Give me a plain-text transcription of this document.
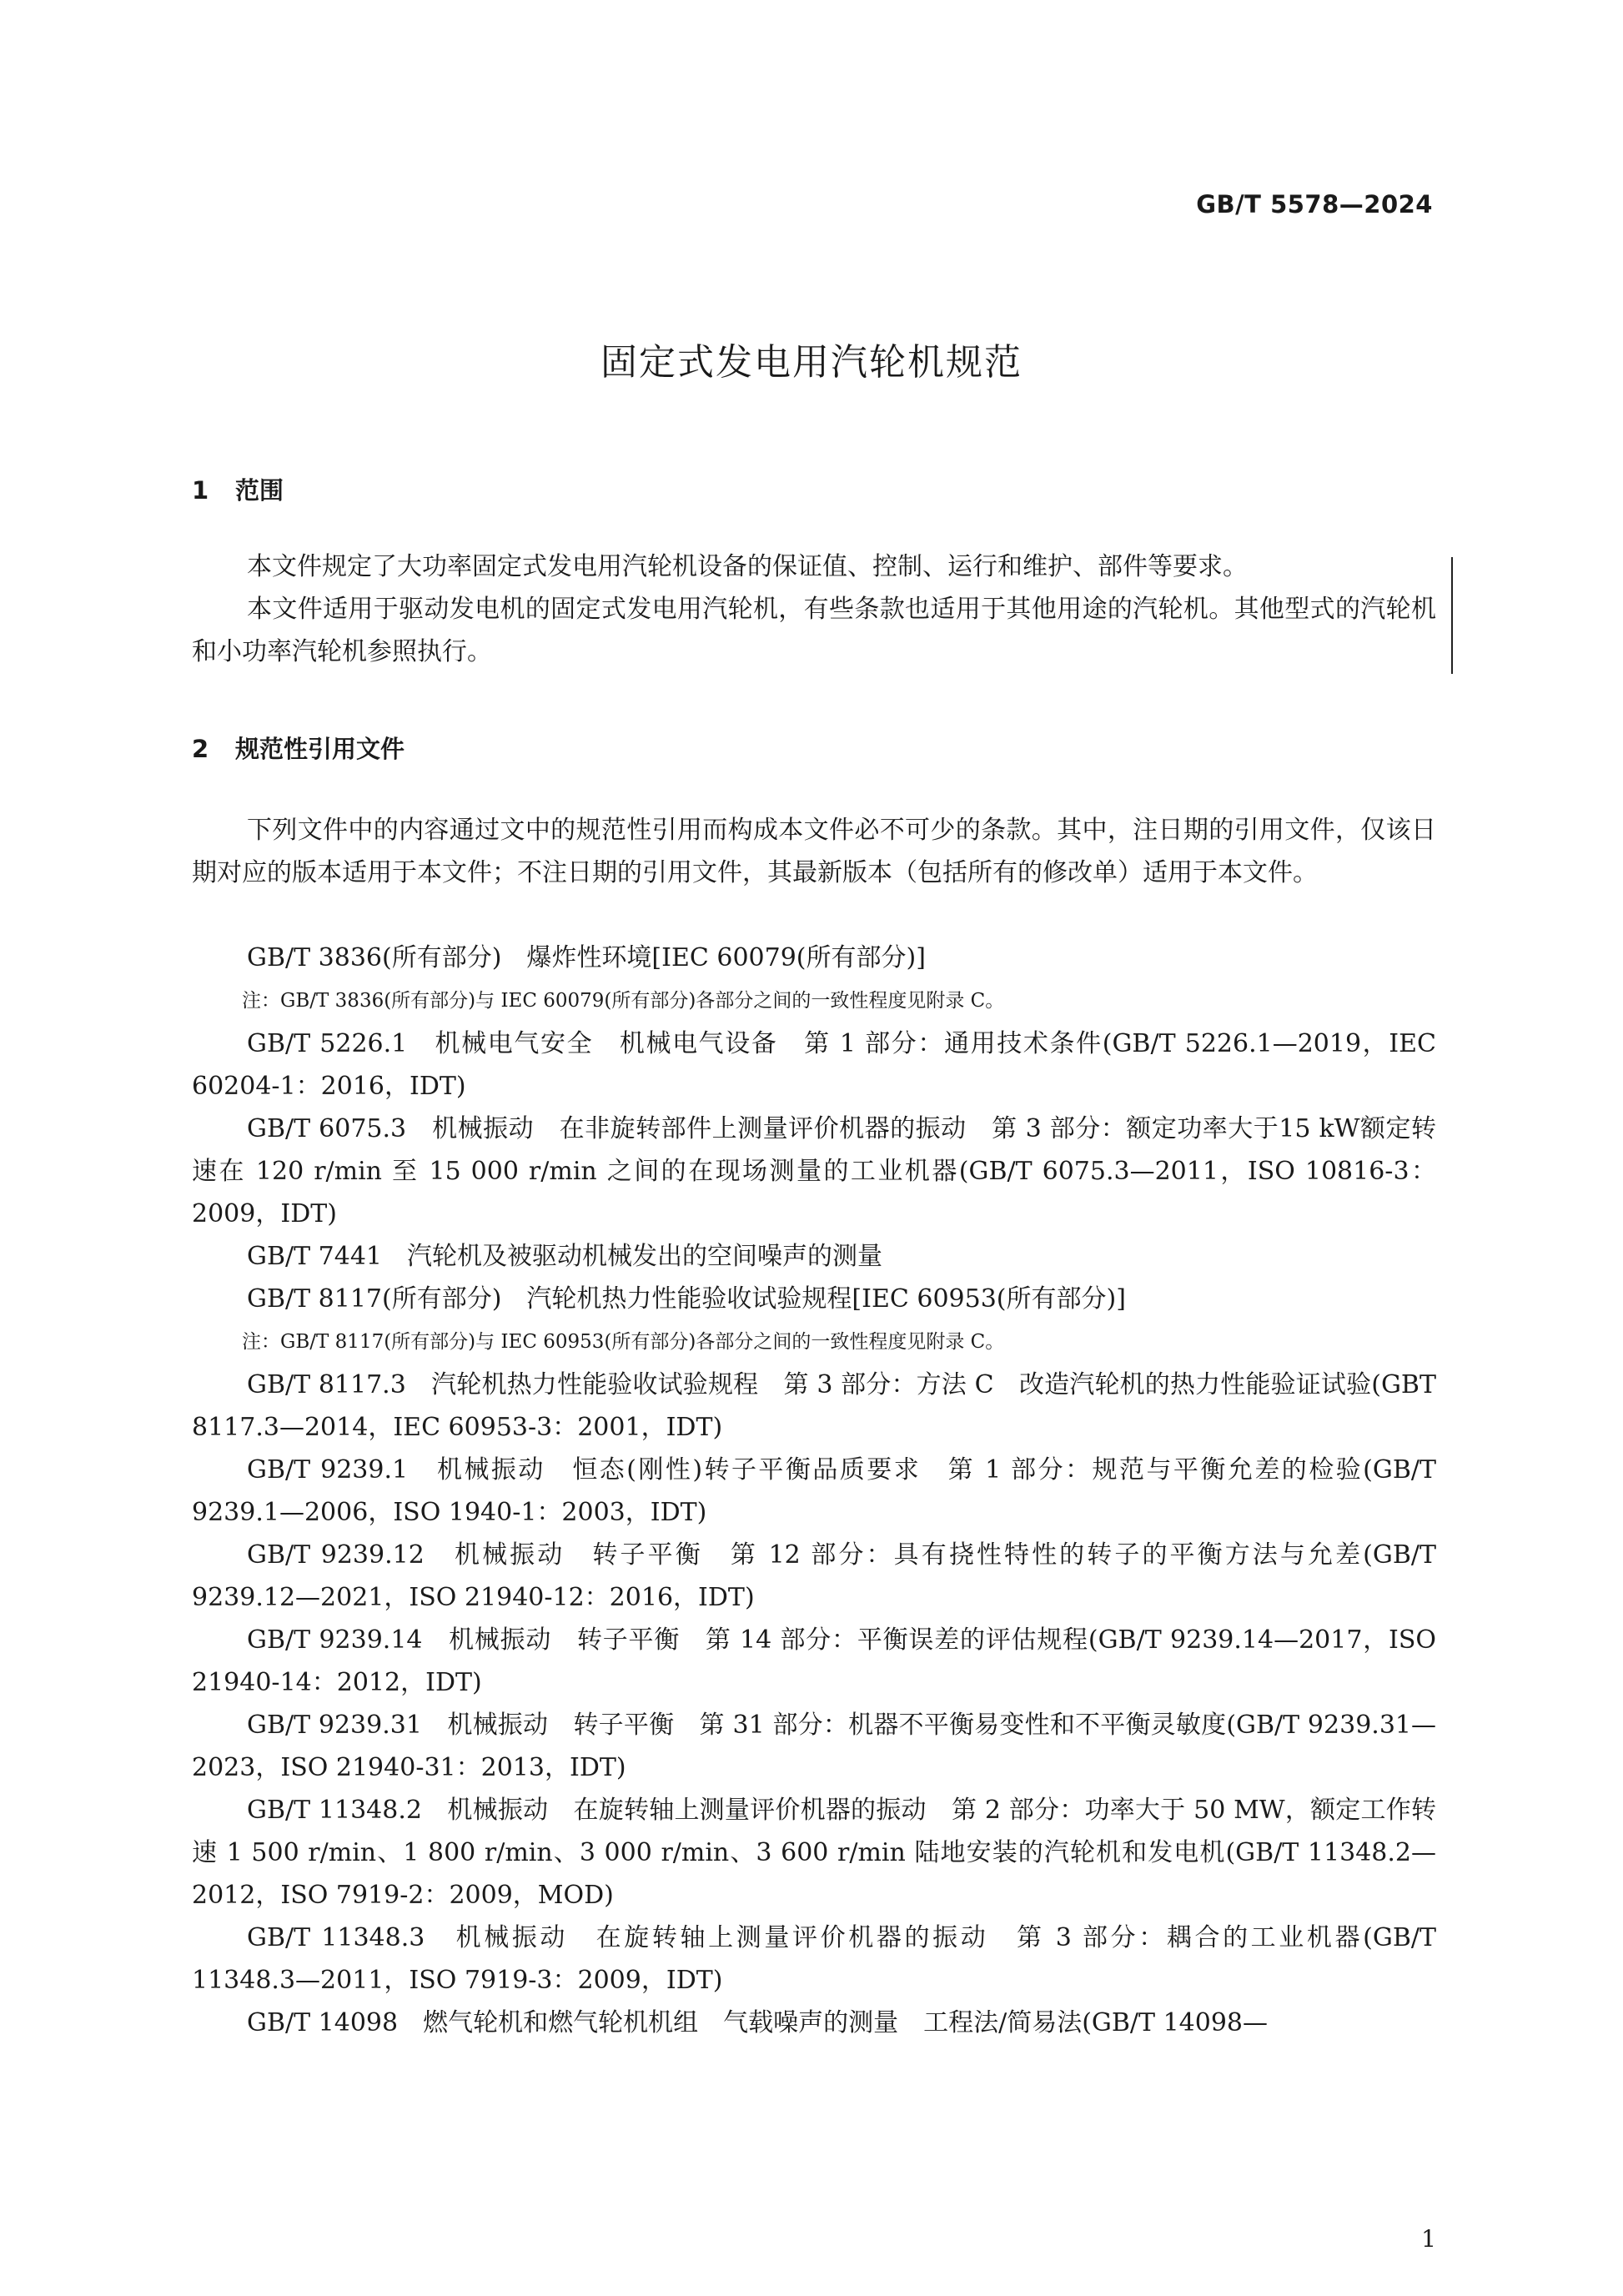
GB/T 5578—2024
固定式发电用汽轮机规范
1 范围

本文件规定了大功率固定式发电用汽轮机设备的保证值、控制、运行和维护、部件等要求。

本文件适用于驱动发电机的固定式发电用汽轮机，有些条款也适用于其他用途的汽轮机。其他型式的汽轮机和小功率汽轮机参照执行。

2 规范性引用文件

下列文件中的内容通过文中的规范性引用而构成本文件必不可少的条款。其中，注日期的引用文件，仅该日期对应的版本适用于本文件；不注日期的引用文件，其最新版本（包括所有的修改单）适用于本文件。

GB/T 3836(所有部分)　爆炸性环境[IEC 60079(所有部分)]

注：GB/T 3836(所有部分)与 IEC 60079(所有部分)各部分之间的一致性程度见附录 C。

GB/T 5226.1　机械电气安全　机械电气设备　第 1 部分：通用技术条件(GB/T 5226.1—2019，IEC 60204-1：2016，IDT)

GB/T 6075.3　机械振动　在非旋转部件上测量评价机器的振动　第 3 部分：额定功率大于15 kW额定转速在 120 r/min 至 15 000 r/min 之间的在现场测量的工业机器(GB/T 6075.3—2011，ISO 10816-3：2009，IDT)

GB/T 7441　汽轮机及被驱动机械发出的空间噪声的测量

GB/T 8117(所有部分)　汽轮机热力性能验收试验规程[IEC 60953(所有部分)]

注：GB/T 8117(所有部分)与 IEC 60953(所有部分)各部分之间的一致性程度见附录 C。

GB/T 8117.3　汽轮机热力性能验收试验规程　第 3 部分：方法 C　改造汽轮机的热力性能验证试验(GBT 8117.3—2014，IEC 60953-3：2001，IDT)

GB/T 9239.1　机械振动　恒态(刚性)转子平衡品质要求　第 1 部分：规范与平衡允差的检验(GB/T 9239.1—2006，ISO 1940-1：2003，IDT)

GB/T 9239.12　机械振动　转子平衡　第 12 部分：具有挠性特性的转子的平衡方法与允差(GB/T 9239.12—2021，ISO 21940-12：2016，IDT)

GB/T 9239.14　机械振动　转子平衡　第 14 部分：平衡误差的评估规程(GB/T 9239.14—2017，ISO 21940-14：2012，IDT)

GB/T 9239.31　机械振动　转子平衡　第 31 部分：机器不平衡易变性和不平衡灵敏度(GB/T 9239.31—2023，ISO 21940-31：2013，IDT)

GB/T 11348.2　机械振动　在旋转轴上测量评价机器的振动　第 2 部分：功率大于 50 MW，额定工作转速 1 500 r/min、1 800 r/min、3 000 r/min、3 600 r/min 陆地安装的汽轮机和发电机(GB/T 11348.2—2012，ISO 7919-2：2009，MOD)

GB/T 11348.3　机械振动　在旋转轴上测量评价机器的振动　第 3 部分：耦合的工业机器(GB/T 11348.3—2011，ISO 7919-3：2009，IDT)

GB/T 14098　燃气轮机和燃气轮机机组　气载噪声的测量　工程法/简易法(GB/T 14098—

1
